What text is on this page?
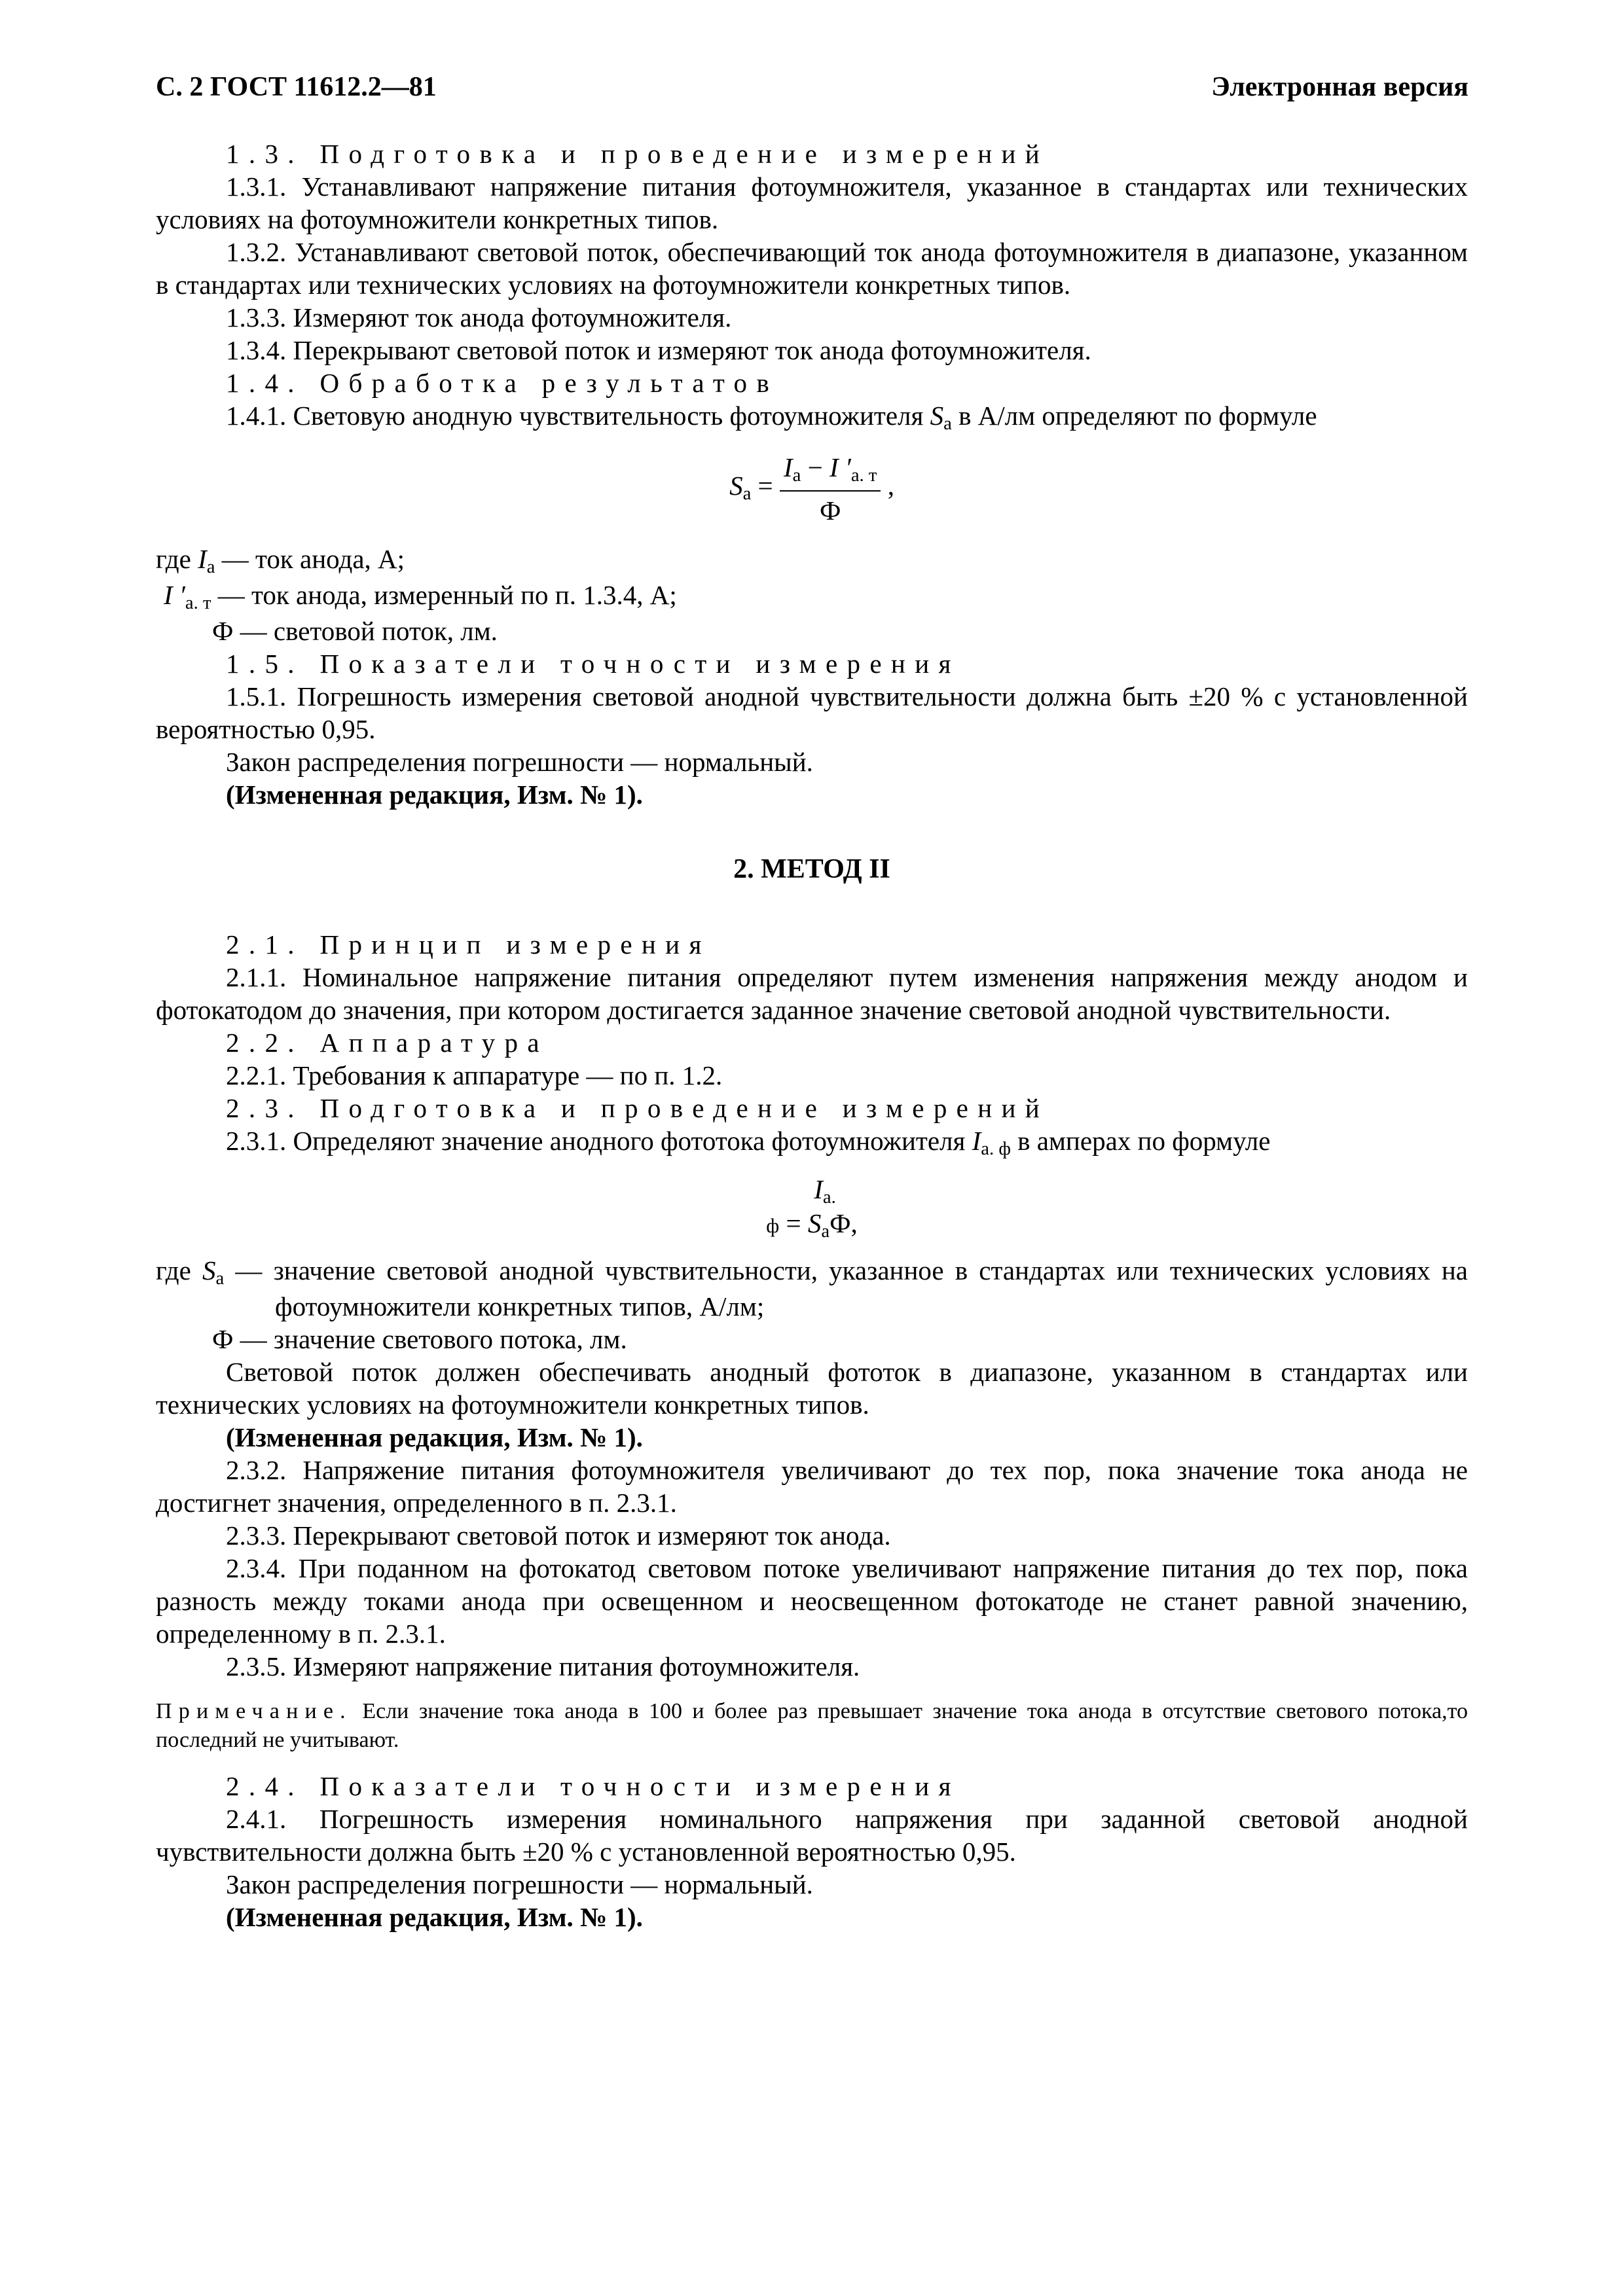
С. 2 ГОСТ 11612.2—81	Электронная версия

1.3. Подготовка и проведение измерений

1.3.1. Устанавливают напряжение питания фотоумножителя, указанное в стандартах или технических условиях на фотоумножители конкретных типов.

1.3.2. Устанавливают световой поток, обеспечивающий ток анода фотоумножителя в диапазоне, указанном в стандартах или технических условиях на фотоумножители конкретных типов.

1.3.3. Измеряют ток анода фотоумножителя.

1.3.4. Перекрывают световой поток и измеряют ток анода фотоумножителя.

1.4. Обработка результатов

1.4.1. Световую анодную чувствительность фотоумножителя $S_а$ в А/лм определяют по формуле

$S_а = \frac{I_а - I '_{а. т}}{Ф}$ ,

где $I_а$ — ток анода, А;

I $'_{а. т}$ — ток анода, измеренный по п. 1.3.4, А;

Ф — световой поток, лм.

1.5. Показатели точности измерения

1.5.1. Погрешность измерения световой анодной чувствительности должна быть ±20 % с установленной вероятностью 0,95.

Закон распределения погрешности — нормальный.

(Измененная редакция, Изм. № 1).

2. МЕТОД II

2.1. Принцип измерения

2.1.1. Номинальное напряжение питания определяют путем изменения напряжения между анодом и фотокатодом до значения, при котором достигается заданное значение световой анодной чувствительности.

2.2. Аппаратура

2.2.1. Требования к аппаратуре — по п. 1.2.

2.3. Подготовка и проведение измерений

2.3.1. Определяют значение анодного фототока фотоумножителя $I_{а. ф}$ в амперах по формуле

$I_{а.}$
$ф = S_аФ$,

где $S_а$ — значение световой анодной чувствительности, указанное в стандартах или технических условиях на фотоумножители конкретных типов, А/лм;

Ф — значение светового потока, лм.

Световой поток должен обеспечивать анодный фототок в диапазоне, указанном в стандартах или технических условиях на фотоумножители конкретных типов.

(Измененная редакция, Изм. № 1).

2.3.2. Напряжение питания фотоумножителя увеличивают до тех пор, пока значение тока анода не достигнет значения, определенного в п. 2.3.1.

2.3.3. Перекрывают световой поток и измеряют ток анода.

2.3.4. При поданном на фотокатод световом потоке увеличивают напряжение питания до тех пор, пока разность между токами анода при освещенном и неосвещенном фотокатоде не станет равной значению, определенному в п. 2.3.1.

2.3.5. Измеряют напряжение питания фотоумножителя.

Примечание. Если значение тока анода в 100 и более раз превышает значение тока анода в отсутствие светового потока,то последний не учитывают.

2.4. Показатели точности измерения

2.4.1. Погрешность измерения номинального напряжения при заданной световой анодной чувствительности должна быть ±20 % с установленной вероятностью 0,95.

Закон распределения погрешности — нормальный.

(Измененная редакция, Изм. № 1).
